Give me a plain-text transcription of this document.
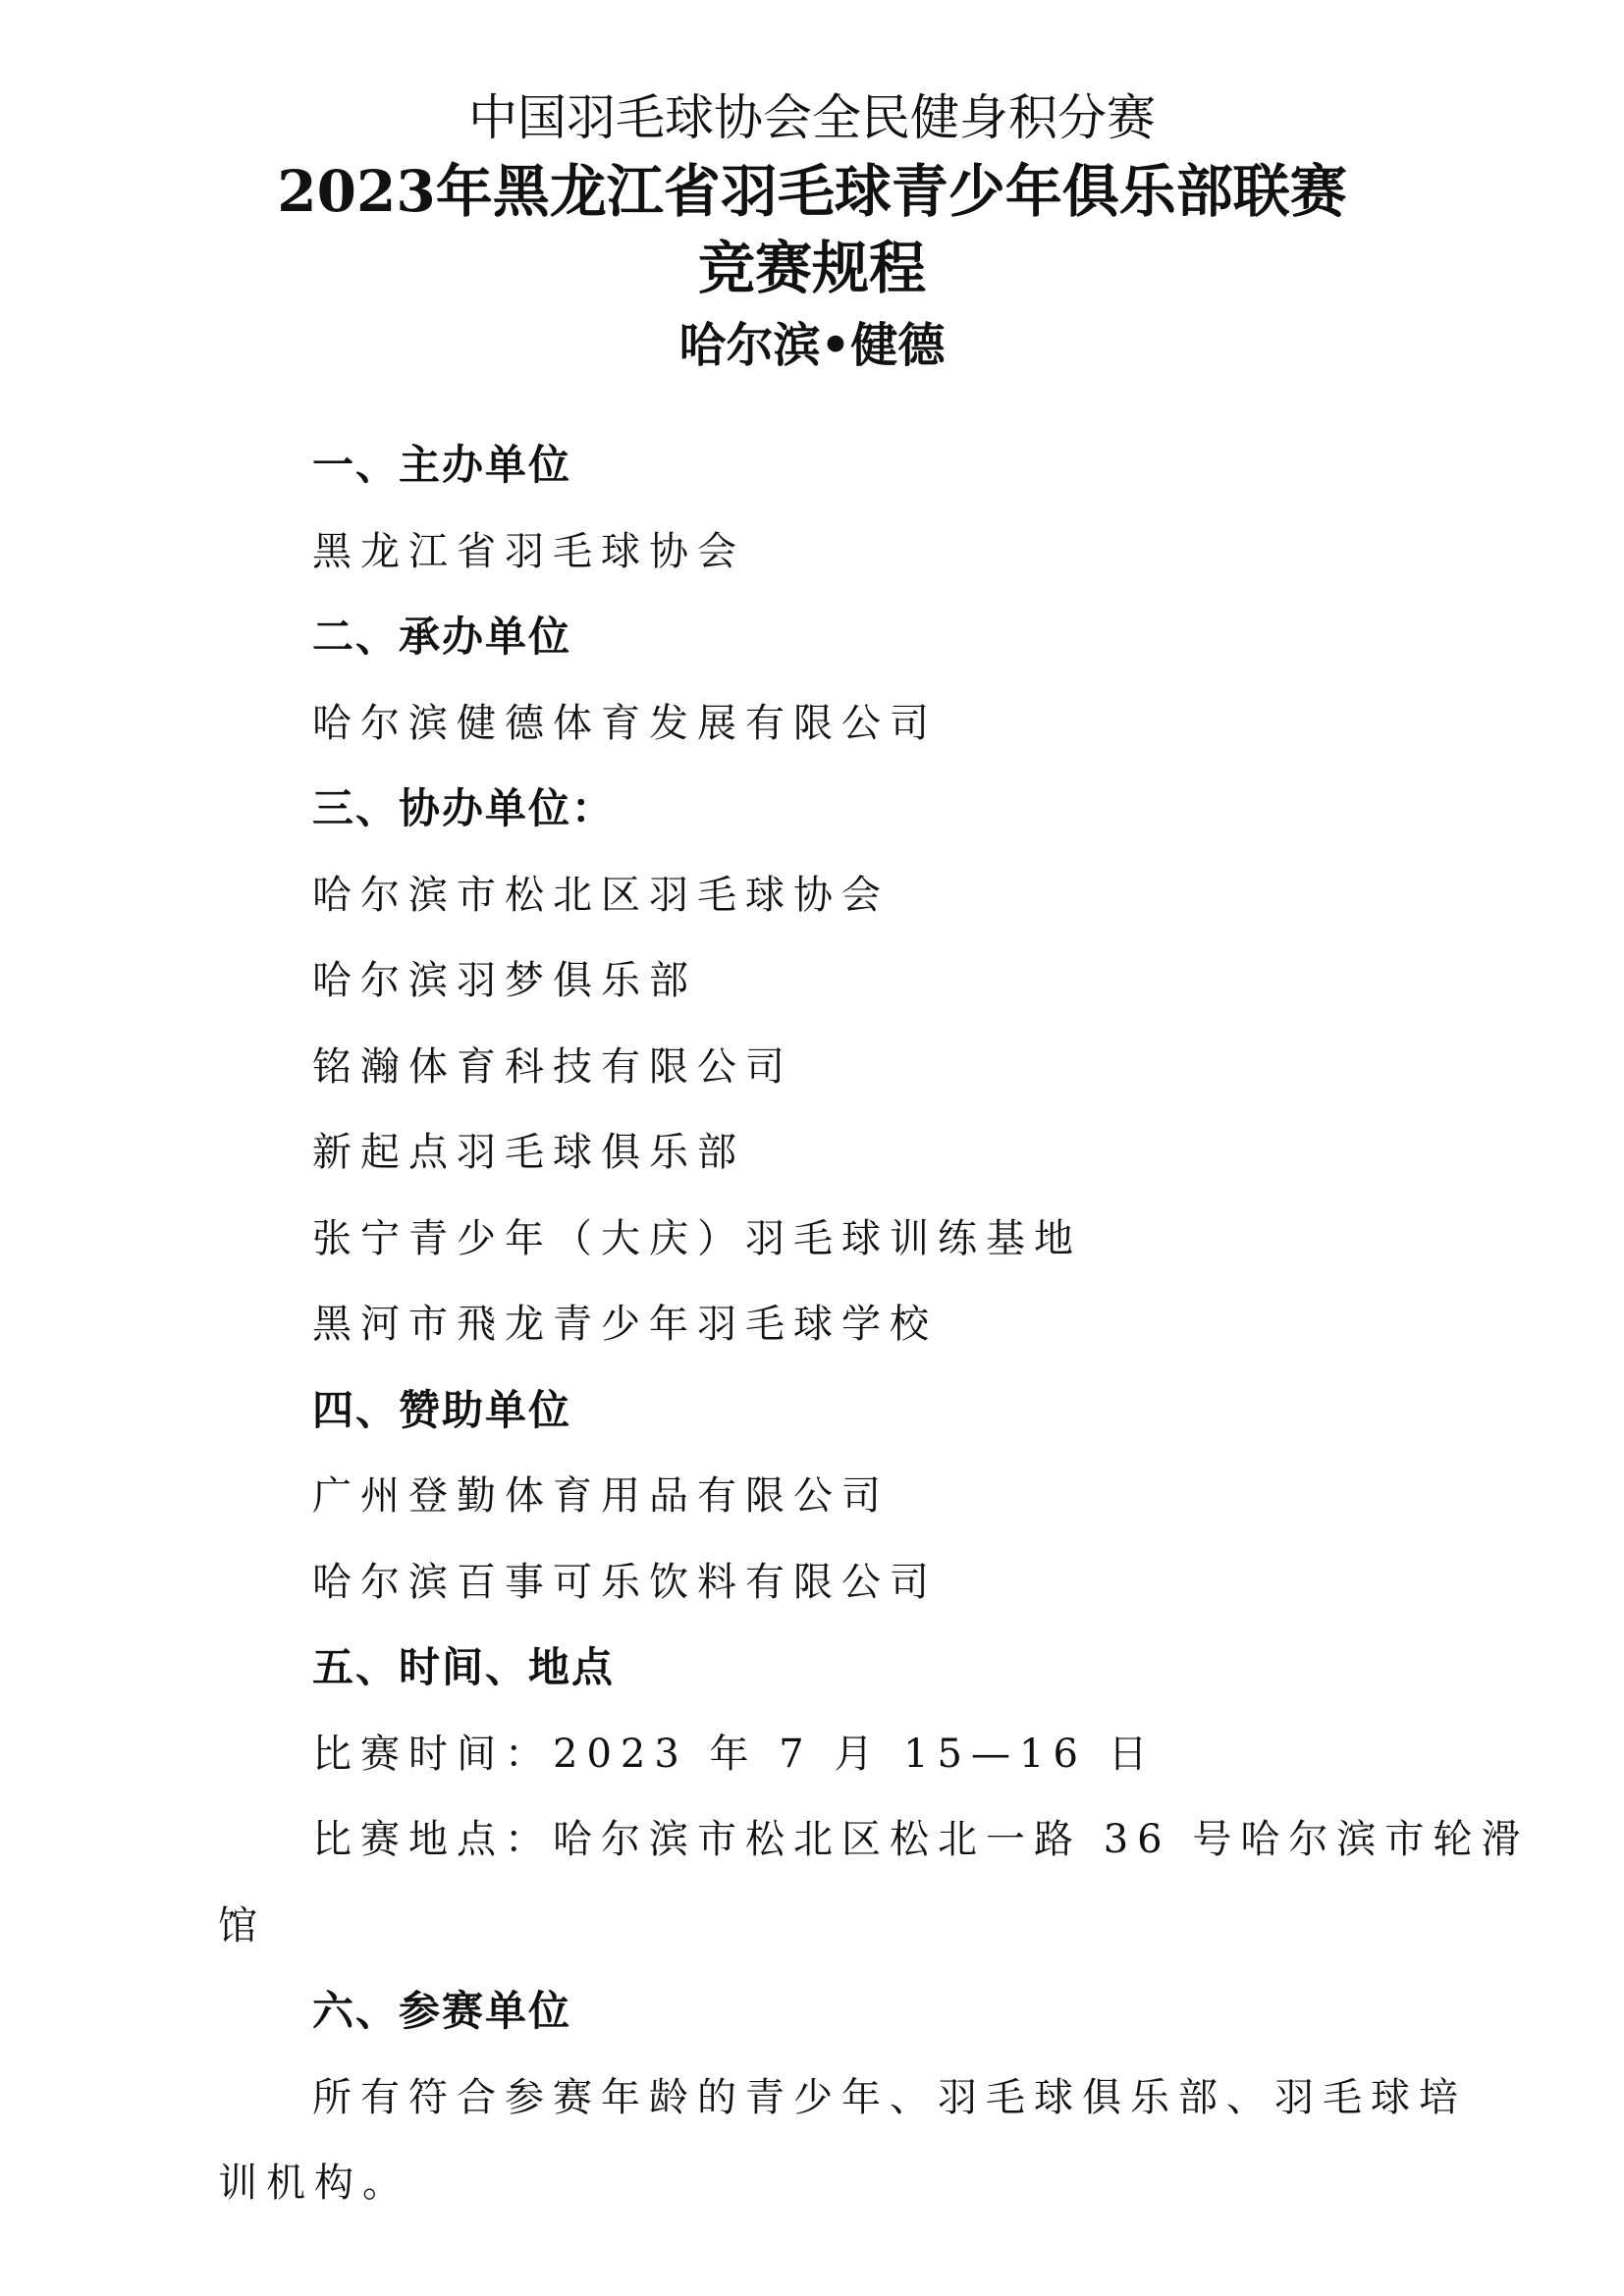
中国羽毛球协会全民健身积分赛
2023年黑龙江省羽毛球青少年俱乐部联赛
竞赛规程
哈尔滨•健德
一、主办单位
黑龙江省羽毛球协会
二、承办单位
哈尔滨健德体育发展有限公司
三、协办单位：
哈尔滨市松北区羽毛球协会
哈尔滨羽梦俱乐部
铭瀚体育科技有限公司
新起点羽毛球俱乐部
张宁青少年（大庆）羽毛球训练基地
黑河市飛龙青少年羽毛球学校
四、赞助单位
广州登勤体育用品有限公司
哈尔滨百事可乐饮料有限公司
五、时间、地点
比赛时间：2023 年 7 月 15—16 日
比赛地点：哈尔滨市松北区松北一路 36 号哈尔滨市轮滑
馆
六、参赛单位
所有符合参赛年龄的青少年、羽毛球俱乐部、羽毛球培
训机构。
